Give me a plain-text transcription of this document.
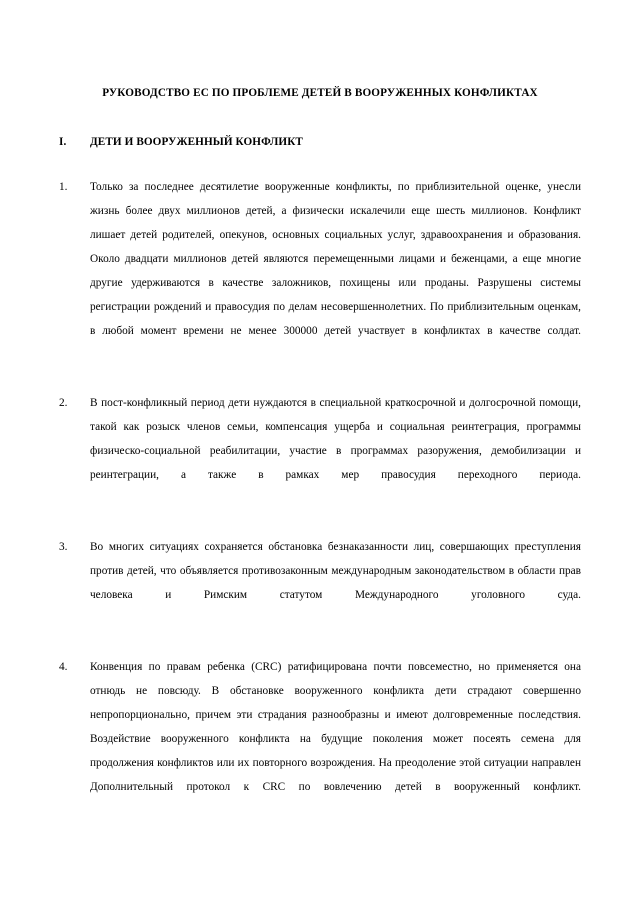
РУКОВОДСТВО ЕС ПО ПРОБЛЕМЕ ДЕТЕЙ В ВООРУЖЕННЫХ КОНФЛИКТАХ
I.	ДЕТИ И ВООРУЖЕННЫЙ КОНФЛИКТ
1.	Только за последнее десятилетие вооруженные конфликты, по приблизительной оценке, унесли жизнь более двух миллионов детей, а физически искалечили еще шесть миллионов. Конфликт лишает детей родителей, опекунов, основных социальных услуг, здравоохранения и образования. Около двадцати миллионов детей являются перемещенными лицами и беженцами, а еще многие другие удерживаются в качестве заложников, похищены или проданы. Разрушены системы регистрации рождений и правосудия по делам несовершеннолетних. По приблизительным оценкам, в любой момент времени не менее 300000 детей участвует в конфликтах в качестве солдат.
2.	В пост-конфликный период дети нуждаются в специальной краткосрочной и долгосрочной помощи, такой как розыск членов семьи, компенсация ущерба и социальная реинтеграция, программы физическо-социальной реабилитации, участие в программах разоружения, демобилизации и реинтеграции, а также в рамках мер правосудия переходного периода.
3.	Во многих ситуациях сохраняется обстановка безнаказанности лиц, совершающих преступления против детей, что объявляется противозаконным международным законодательством в области прав человека и Римским статутом Международного уголовного суда.
4.	Конвенция по правам ребенка (CRC) ратифицирована почти повсеместно, но применяется она отнюдь не повсюду. В обстановке вооруженного конфликта дети страдают совершенно непропорционально, причем эти страдания разнообразны и имеют долговременные последствия. Воздействие вооруженного конфликта на будущие поколения может посеять семена для продолжения конфликтов или их повторного возрождения. На преодоление этой ситуации направлен Дополнительный протокол к CRC по вовлечению детей в вооруженный конфликт.
